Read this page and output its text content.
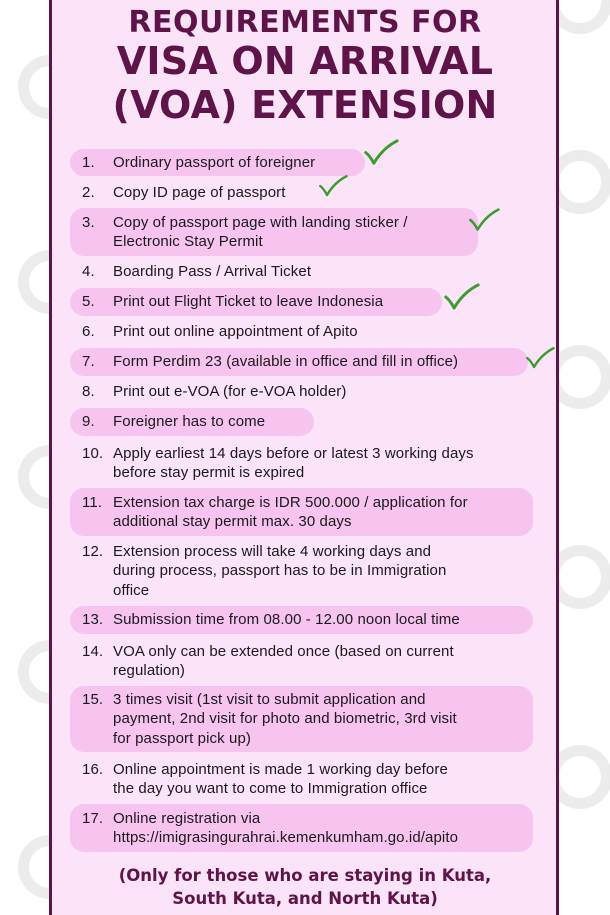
REQUIREMENTS FOR
VISA ON ARRIVAL
(VOA) EXTENSION
1.	Ordinary passport of foreigner
2.	Copy ID page of passport
3.	Copy of passport page with landing sticker /
Electronic Stay Permit
4.	Boarding Pass / Arrival Ticket
5.	Print out Flight Ticket to leave Indonesia
6.	Print out online appointment of Apito
7.	Form Perdim 23 (available in office and fill in office)
8.	Print out e-VOA (for e-VOA holder)
9.	Foreigner has to come
10. Apply earliest 14 days before or latest 3 working days
before stay permit is expired
11. Extension tax charge is IDR 500.000 / application for
additional stay permit max. 30 days
12. Extension process will take 4 working days and
during process, passport has to be in Immigration
office
13. Submission time from 08.00 - 12.00 noon local time
14. VOA only can be extended once (based on current
regulation)
15. 3 times visit (1st visit to submit application and
payment, 2nd visit for photo and biometric, 3rd visit
for passport pick up)
16. Online appointment is made 1 working day before
the day you want to come to Immigration office
17. Online registration via
https://imigrasingurahrai.kemenkumham.go.id/apito
(Only for those who are staying in Kuta,
South Kuta, and North Kuta)
